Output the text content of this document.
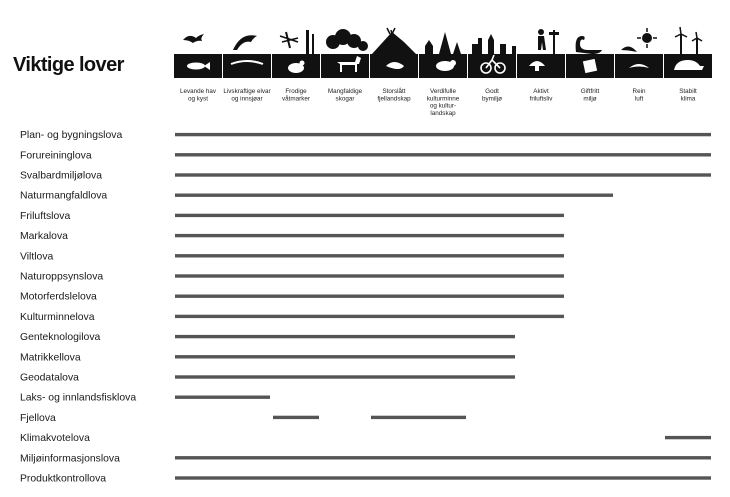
Viktige lover
Levande hav og kyst
Livskraftige elvar og innsjøar
Frodige våtmarker
Mangfaldige skogar
Storslått fjellandskap
Verdifulle kulturminne og kultur-landskap
Godt bymiljø
Aktivt friluftsliv
Giftfritt miljø
Rein luft
Stabilt klima
Plan- og bygningslova
Forureininglova
Svalbardmiljølova
Naturmangfaldlova
Friluftslova
Markalova
Viltlova
Naturoppsynslova
Motorferdslelova
Kulturminnelova
Genteknologilova
Matrikkellova
Geodatalova
Laks- og innlandsfisklova
Fjellova
Klimakvotelova
Miljøinformasjonslova
Produktkontrollova
